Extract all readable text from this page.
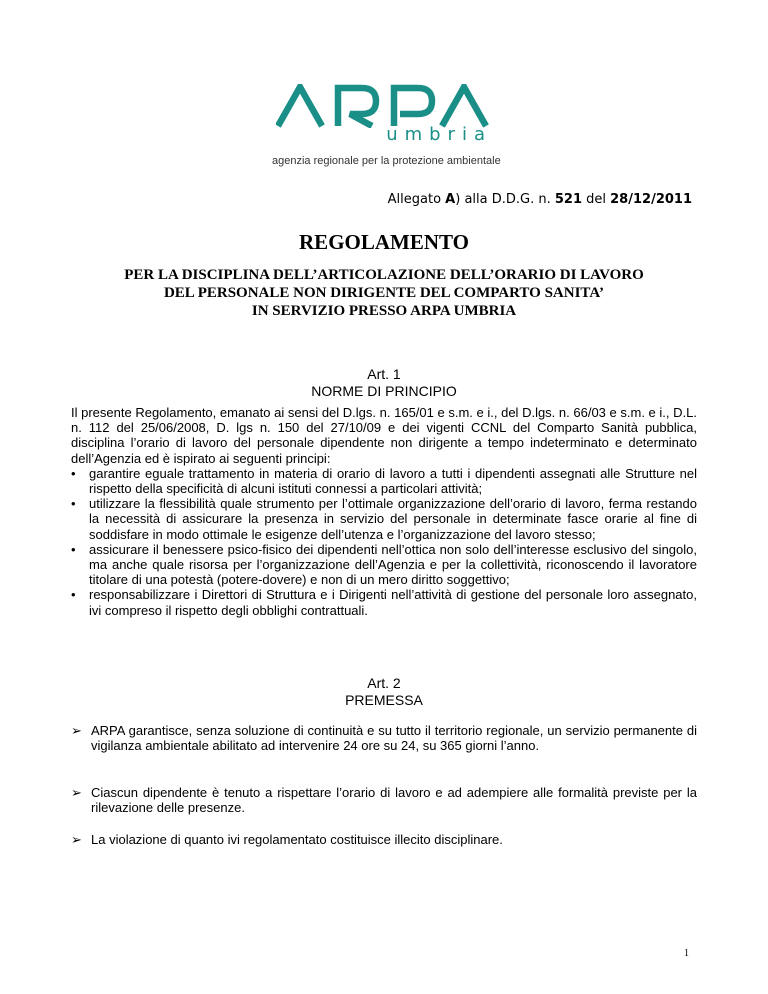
umbria
agenzia regionale per la protezione ambientale
Allegato A) alla D.D.G. n. 521 del 28/12/2011
REGOLAMENTO
PER LA DISCIPLINA DELL’ARTICOLAZIONE DELL’ORARIO DI LAVORO
DEL PERSONALE NON DIRIGENTE DEL COMPARTO SANITA’
IN SERVIZIO PRESSO ARPA UMBRIA
Art. 1
NORME DI PRINCIPIO
Il presente Regolamento, emanato ai sensi del D.lgs. n. 165/01 e s.m. e i., del D.lgs. n. 66/03 e s.m. e i., D.L. n. 112 del 25/06/2008, D. lgs n. 150 del 27/10/09 e dei vigenti CCNL del Comparto Sanità pubblica, disciplina l’orario di lavoro del personale dipendente non dirigente a tempo indeterminato e determinato dell’Agenzia ed è ispirato ai seguenti principi:
• garantire eguale trattamento in materia di orario di lavoro a tutti i dipendenti assegnati alle Strutture nel rispetto della specificità di alcuni istituti connessi a particolari attività;
• utilizzare la flessibilità quale strumento per l’ottimale organizzazione dell’orario di lavoro, ferma restando la necessità di assicurare la presenza in servizio del personale in determinate fasce orarie al fine di soddisfare in modo ottimale le esigenze dell’utenza e l’organizzazione del lavoro stesso;
• assicurare il benessere psico-fisico dei dipendenti nell’ottica non solo dell’interesse esclusivo del singolo, ma anche quale risorsa per l’organizzazione dell’Agenzia e per la collettività, riconoscendo il lavoratore titolare di una potestà (potere-dovere) e non di un mero diritto soggettivo;
• responsabilizzare i Direttori di Struttura e i Dirigenti nell’attività di gestione del personale loro assegnato, ivi compreso il rispetto degli obblighi contrattuali.
Art. 2
PREMESSA
➢ ARPA garantisce, senza soluzione di continuità e su tutto il territorio regionale, un servizio permanente di vigilanza ambientale abilitato ad intervenire 24 ore su 24, su 365 giorni l’anno.
➢ Ciascun dipendente è tenuto a rispettare l’orario di lavoro e ad adempiere alle formalità previste per la rilevazione delle presenze.
➢ La violazione di quanto ivi regolamentato costituisce illecito disciplinare.
1
